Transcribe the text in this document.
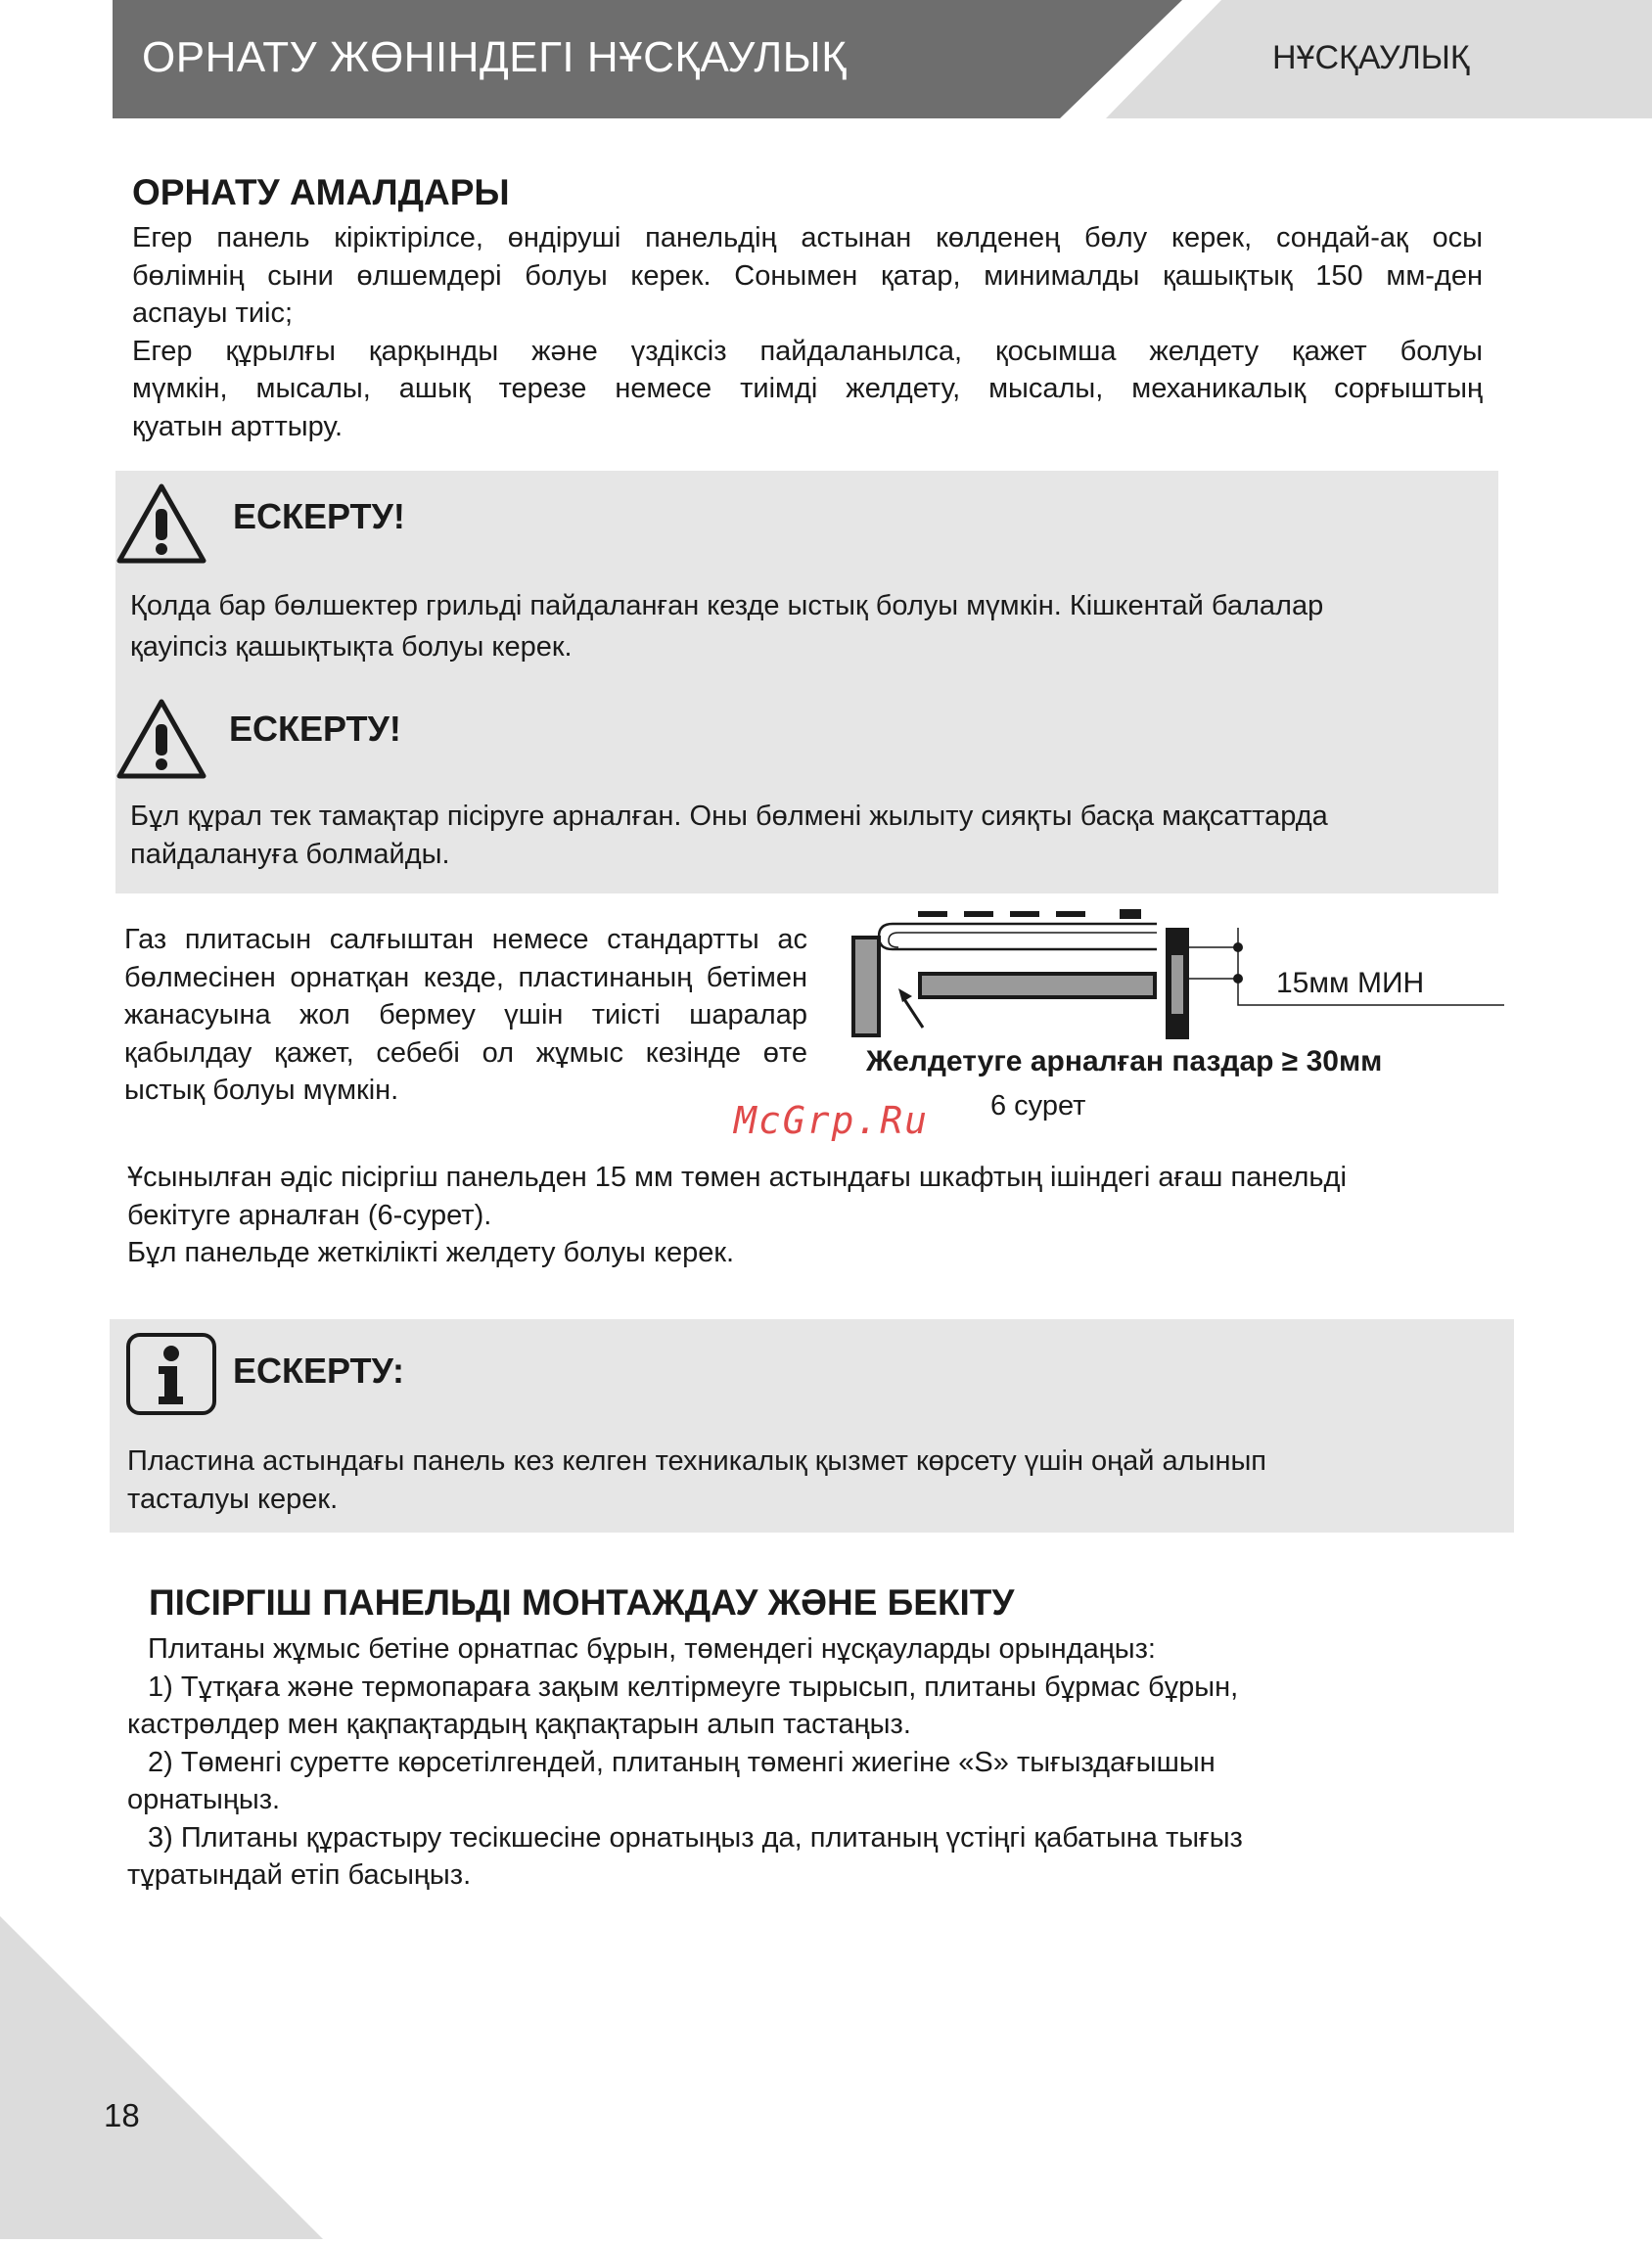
ОРНАТУ ЖӨНІНДЕГІ НҰСҚАУЛЫҚ	НҰСҚАУЛЫҚ
ОРНАТУ АМАЛДАРЫ

Егер панель кіріктірілсе, өндіруші панельдің астынан көлденең бөлу керек, сондай-ақ осы

бөлімнің сыни өлшемдері болуы керек. Сонымен қатар, минималды қашықтық 150 мм-ден

аспауы тиіс;

Егер құрылғы қарқынды және үздіксіз пайдаланылса, қосымша желдету қажет болуы

мүмкін, мысалы, ашық терезе немесе тиімді желдету, мысалы, механикалық сорғыштың

қуатын арттыру.

ЕСКЕРТУ!

Қолда бар бөлшектер грильді пайдаланған кезде ыстық болуы мүмкін. Кішкентай балалар

қауіпсіз қашықтықта болуы керек.

ЕСКЕРТУ!

Бұл құрал тек тамақтар пісіруге арналған. Оны бөлмені жылыту сияқты басқа мақсаттарда

пайдалануға болмайды.

Газ плитасын салғыштан немесе стандартты ас

бөлмесінен орнатқан кезде, пластинаның бетімен

жанасуына жол бермеу үшін тиісті шаралар

қабылдау қажет, себебі ол жұмыс кезінде өте

ыстық болуы мүмкін.

15мм МИН
Желдетуге арналған паздар ≥ 30мм
6 сурет
McGrp.Ru

Ұсынылған әдіс пісіргіш панельден 15 мм төмен астындағы шкафтың ішіндегі ағаш панельді

бекітуге арналған (6-сурет).

Бұл панельде жеткілікті желдету болуы керек.

ЕСКЕРТУ:

Пластина астындағы панель кез келген техникалық қызмет көрсету үшін оңай алынып

тасталуы керек.

ПІСІРГІШ ПАНЕЛЬДІ МОНТАЖДАУ ЖӘНЕ БЕКІТУ

Плитаны жұмыс бетіне орнатпас бұрын, төмендегі нұсқауларды орындаңыз:

1) Тұтқаға және термопараға зақым келтірмеуге тырысып, плитаны бұрмас бұрын,

кастрөлдер мен қақпақтардың қақпақтарын алып тастаңыз.

2) Төменгі суретте көрсетілгендей, плитаның төменгі жиегіне «S» тығыздағышын

орнатыңыз.

3) Плитаны құрастыру тесікшесіне орнатыңыз да, плитаның үстіңгі қабатына тығыз

тұратындай етіп басыңыз.

18
